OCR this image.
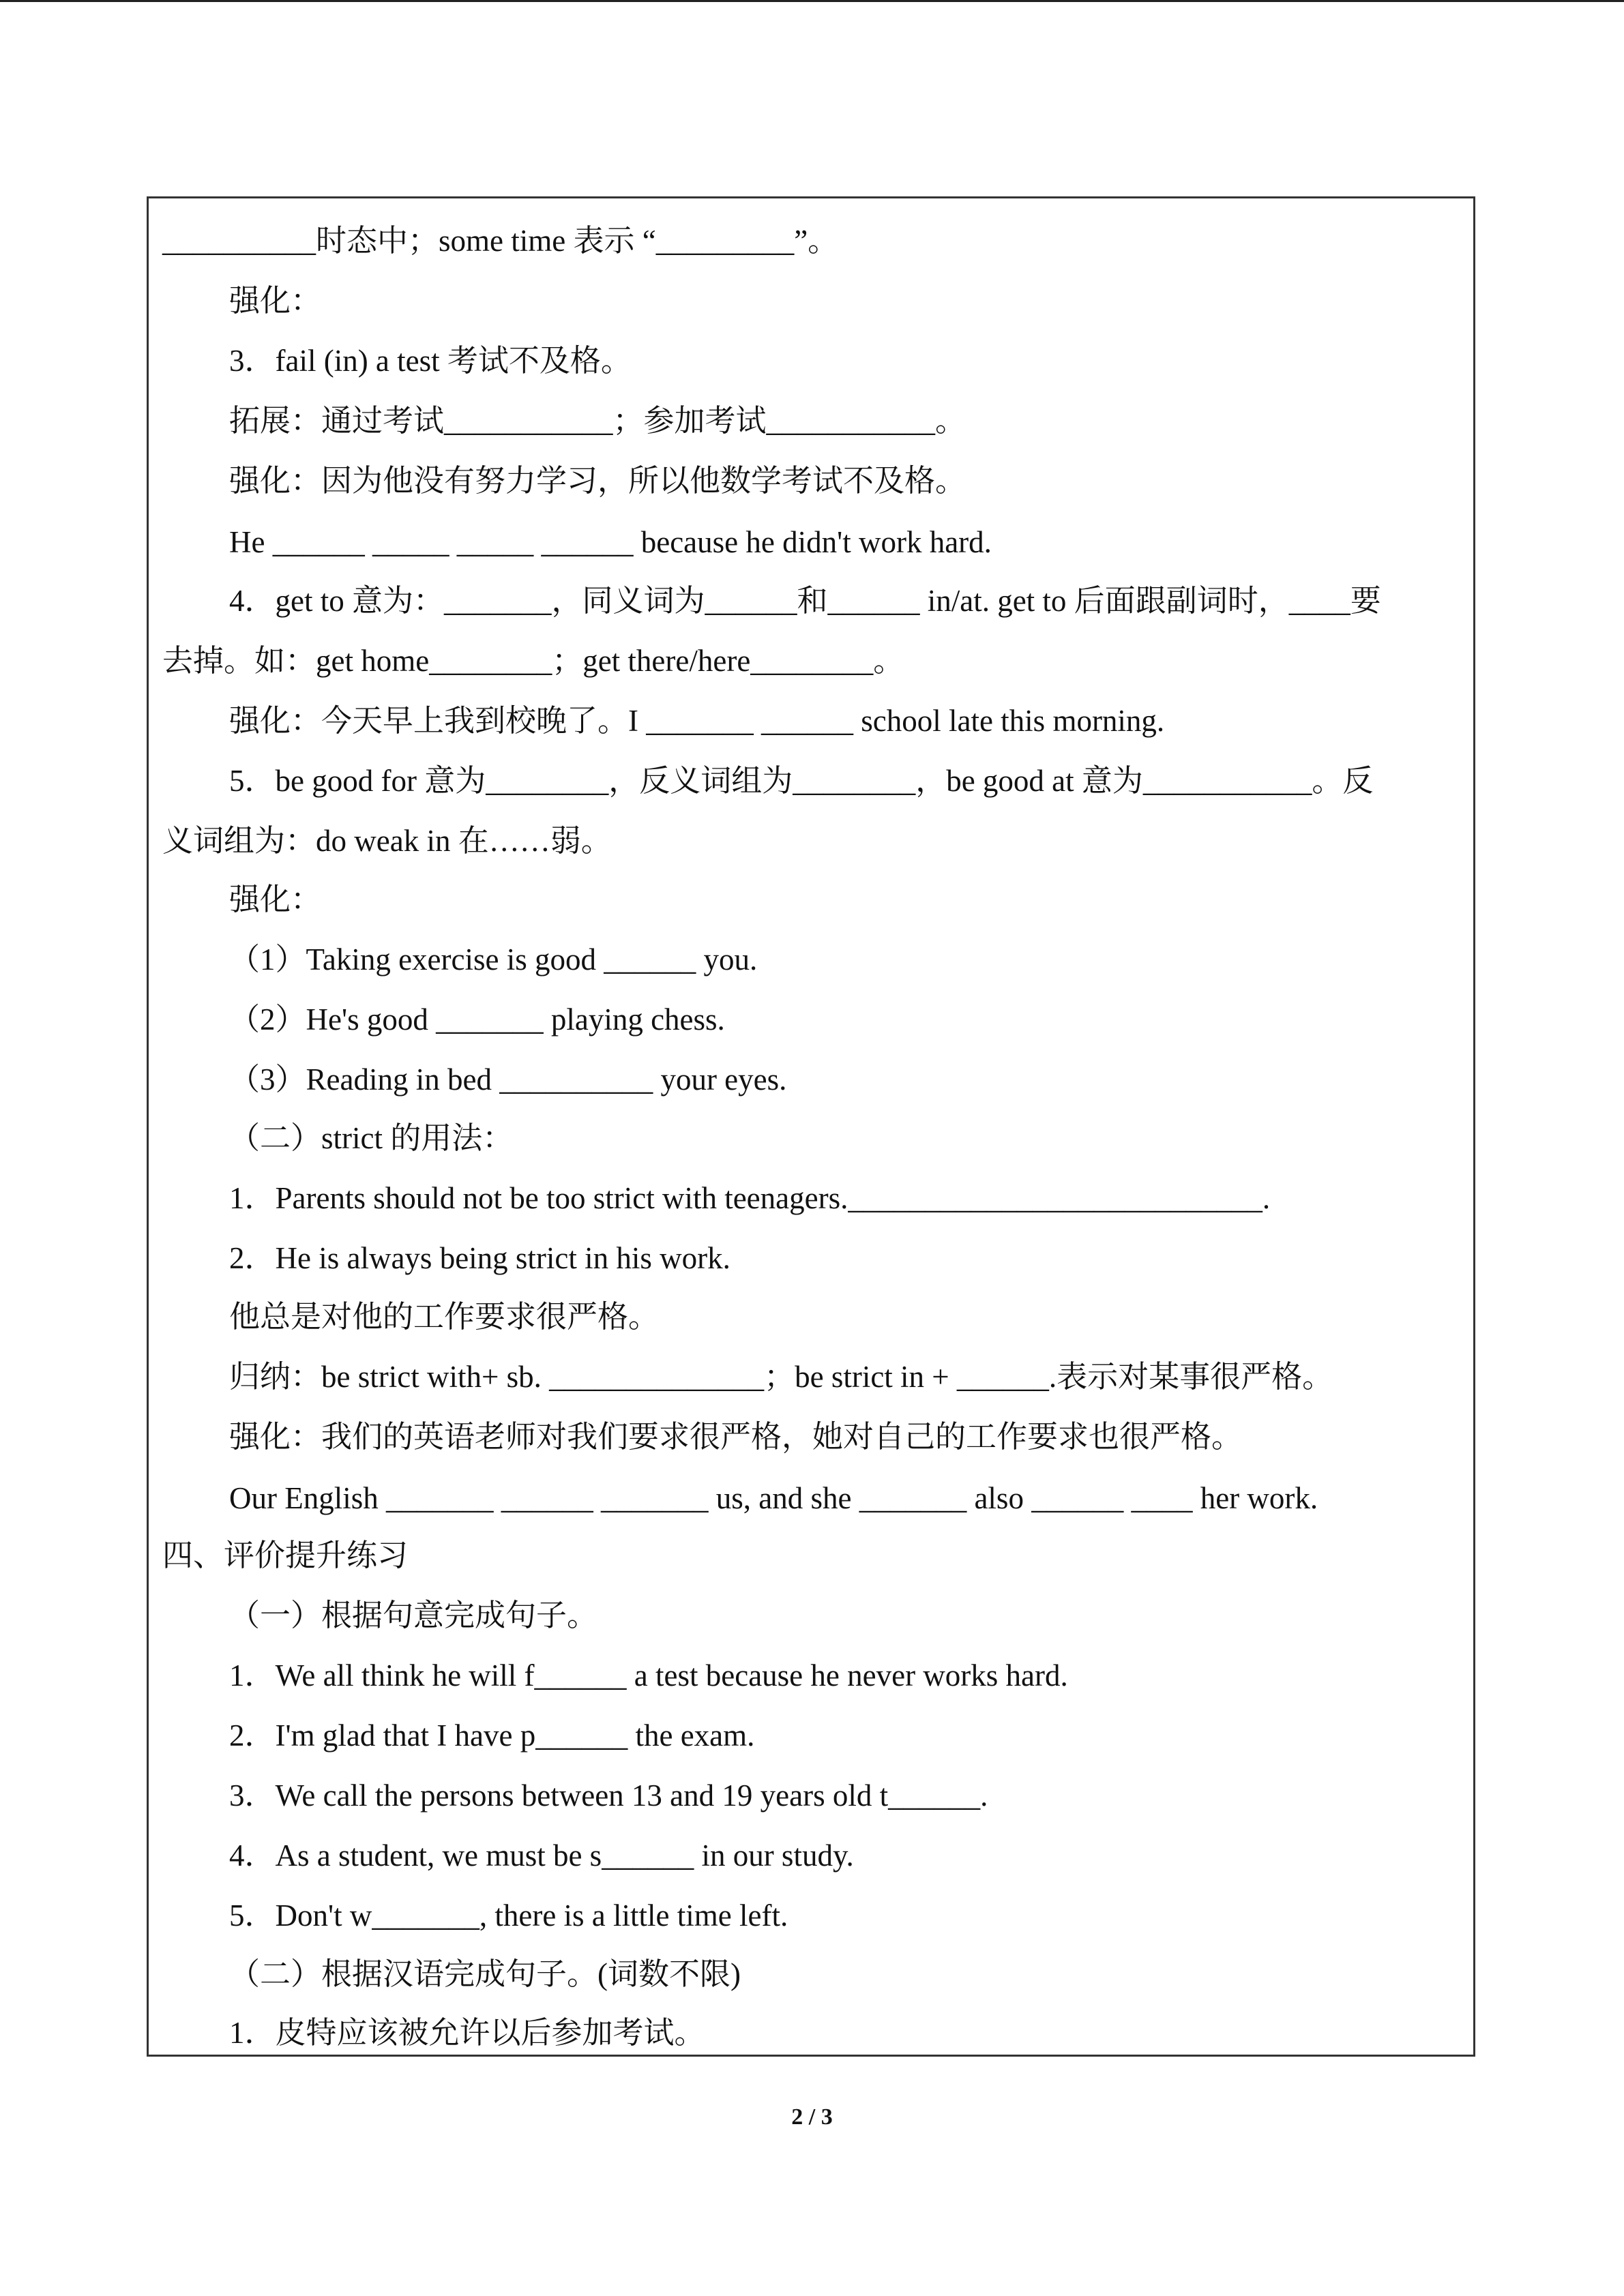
__________时态中；some time 表示 “_________”。
强化：
3．fail (in) a test 考试不及格。
拓展：通过考试___________；参加考试___________。
强化：因为他没有努力学习，所以他数学考试不及格。
He ______ _____ _____ ______ because he didn't work hard.
4．get to 意为：_______，同义词为______和______ in/at. get to 后面跟副词时，____要
去掉。如：get home________；get there/here________。
强化：今天早上我到校晚了。I _______ ______ school late this morning.
5．be good for 意为________，反义词组为________，be good at 意为___________。反
义词组为：do weak in 在……弱。
强化：
（1）Taking exercise is good ______ you.
（2）He's good _______ playing chess.
（3）Reading in bed __________ your eyes.
（二）strict 的用法：
1．Parents should not be too strict with teenagers.___________________________.
2．He is always being strict in his work.
他总是对他的工作要求很严格。
归纳：be strict with+ sb. ______________；be strict in + ______.表示对某事很严格。
强化：我们的英语老师对我们要求很严格，她对自己的工作要求也很严格。
Our English _______ ______ _______ us, and she _______ also ______ ____ her work.
四、评价提升练习
（一）根据句意完成句子。
1．We all think he will f______ a test because he never works hard.
2．I'm glad that I have p______ the exam.
3．We call the persons between 13 and 19 years old t______.
4．As a student, we must be s______ in our study.
5．Don't w_______, there is a little time left.
（二）根据汉语完成句子。(词数不限)
1．皮特应该被允许以后参加考试。
2 / 3
